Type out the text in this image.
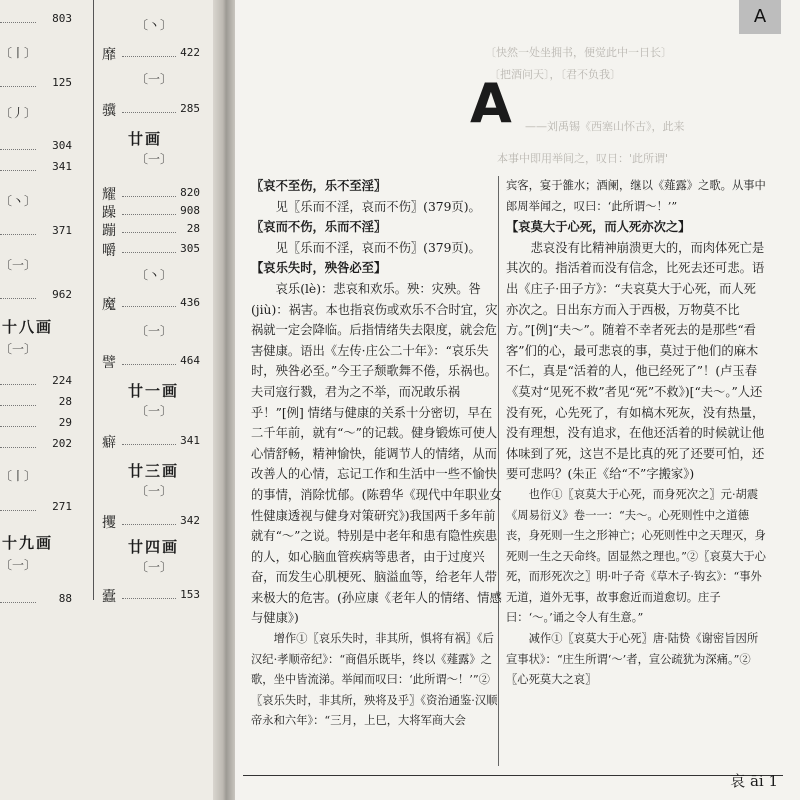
803
〔丨〕
125
〔丿〕
304
341
〔丶〕
371
〔一〕
962
十八画
〔一〕
224
28
29
202
〔丨〕
271
十九画
〔一〕
88
〔丶〕
靡	422
〔一〕
骥	285
廿画
〔一〕
耀	820
躁	908
蹦	28
嚼	305
〔丶〕
魔	436
〔一〕
譬	464
廿一画
〔一〕
癖	341
廿三画
〔一〕
攫	342
廿四画
〔一〕
蠹	153
A
〔快然一处坐拥书，便觉此中一日长〕
〔把酒问天〕，〔君不负我〕
——刘禹锡《西塞山怀古》，此来
本事中即用举间之，叹日：'此所谓'
A
〖哀不至伤，乐不至淫〗
见〖乐而不淫，哀而不伤〗(379页)。
〖哀而不伤，乐而不淫〗
见〖乐而不淫，哀而不伤〗(379页)。
【哀乐失时，殃咎必至】
哀乐(lè)：悲哀和欢乐。殃：灾殃。咎(jiù)：祸害。本也指哀伤或欢乐不合时宜，灾祸就一定会降临。后指情绪失去限度，就会危害健康。语出《左传·庄公二十年》：“哀乐失时，殃咎必至。”今王子颓歌舞不倦，乐祸也。夫司寇行戮，君为之不举，而况敢乐祸乎！”[例] 情绪与健康的关系十分密切，早在二千年前，就有“～”的记载。健身锻炼可使人心情舒畅，精神愉快，能调节人的情绪，从而改善人的心情，忘记工作和生活中一些不愉快的事情，消除忧郁。(陈碧华《现代中年职业女性健康透视与健身对策研究》)我国两千多年前就有“～”之说。特别是中老年和患有隐性疾患的人，如心脑血管疾病等患者，由于过度兴奋，而发生心肌梗死、脑溢血等，给老年人带来极大的危害。(孙应康《老年人的情绪、情感与健康》)
增作①〖哀乐失时，非其所，惧将有祸〗《后汉纪·孝顺帝纪》：“商倡乐既毕，终以《薤露》之歌，坐中皆流涕。举闻而叹曰：‘此所谓～！’”②〖哀乐失时，非其所，殃将及乎〗《资治通鉴·汉顺帝永和六年》：“三月，上巳，大将军商大会
宾客，宴于雒水；酒阑，继以《薤露》之歌。从事中郎周举闻之，叹曰：‘此所谓～！’”
【哀莫大于心死，而人死亦次之】
悲哀没有比精神崩溃更大的，而肉体死亡是其次的。指活着而没有信念，比死去还可悲。语出《庄子·田子方》：“夫哀莫大于心死，而人死亦次之。日出东方而入于西极，万物莫不比方。”[例]“夫～”。随着不幸者死去的是那些“看客”们的心，最可悲哀的事，莫过于他们的麻木不仁，真是“活着的人，他已经死了”！(卢玉春《莫对“见死不救”者见“死”不救》)[“夫～。”人还没有死，心先死了，有如槁木死灰，没有热量，没有理想，没有追求，在他还活着的时候就让他体味到了死，这岂不是比真的死了还要可怕，还要可悲吗？(朱正《给“不”字搬家》)
也作①〖哀莫大于心死，而身死次之〗元·胡震《周易衍义》卷一一：“夫～。心死则性中之道德丧，身死则一生之形神亡；心死则性中之天理灭，身死则一生之天命终。固显然之理也。”②〖哀莫大于心死，而形死次之〗明·叶子奇《草木子·钩玄》：“事外无道，道外无事，故事愈近而道愈切。庄子曰：‘～。’诵之令人有生意。”
减作①〖哀莫大于心死〗唐·陆贽《谢密旨因所宣事状》：“庄生所谓‘～’者，宣公疏犹为深痛。”②〖心死莫大之哀〗
哀 āi 1
